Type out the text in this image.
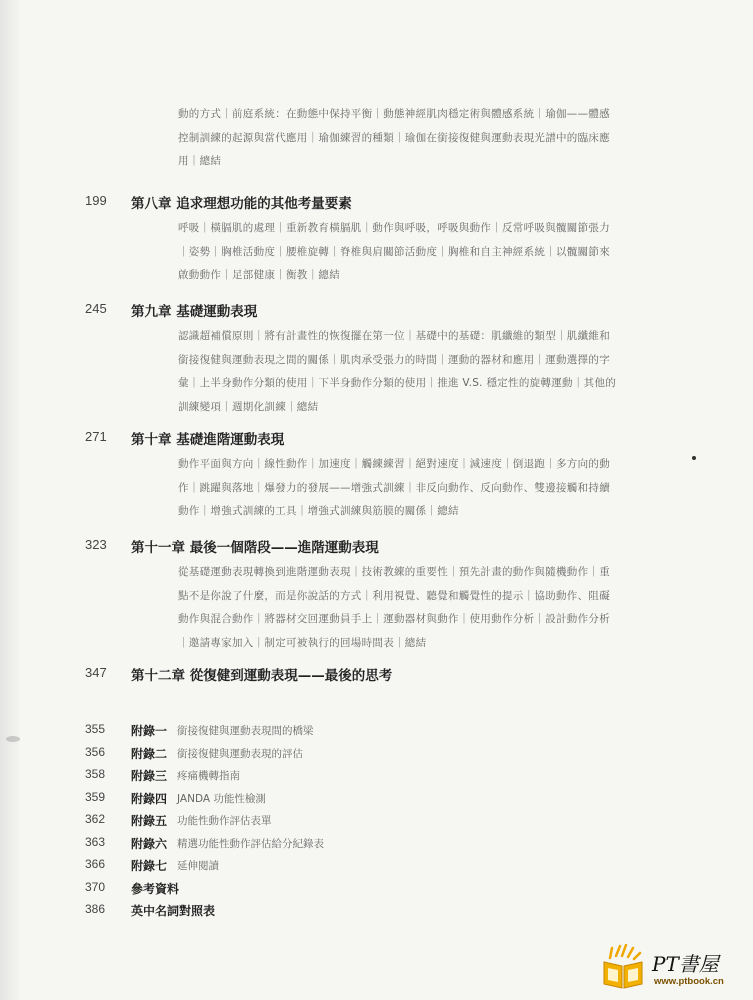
動的方式｜前庭系統：在動態中保持平衡｜動態神經肌肉穩定術與體感系統｜瑜伽——體感控制訓練的起源與當代應用｜瑜伽練習的種類｜瑜伽在銜接復健與運動表現光譜中的臨床應用｜總結
199 第八章 追求理想功能的其他考量要素
呼吸｜橫膈肌的處理｜重新教育橫膈肌｜動作與呼吸，呼吸與動作｜反常呼吸與髖關節張力｜姿勢｜胸椎活動度｜腰椎旋轉｜脊椎與肩關節活動度｜胸椎和自主神經系統｜以髖關節來啟動動作｜足部健康｜衡教｜總結
245 第九章 基礎運動表現
認識超補償原則｜將有計畫性的恢復擺在第一位｜基礎中的基礎：肌纖維的類型｜肌纖維和銜接復健與運動表現之間的關係｜肌肉承受張力的時間｜運動的器材和應用｜運動選擇的字彙｜上半身動作分類的使用｜下半身動作分類的使用｜推進 V.S. 穩定性的旋轉運動｜其他的訓練變項｜週期化訓練｜總結
271 第十章 基礎進階運動表現
動作平面與方向｜線性動作｜加速度｜觸練練習｜絕對速度｜減速度｜倒退跑｜多方向的動作｜跳躍與落地｜爆發力的發展——增強式訓練｜非反向動作、反向動作、雙邊接觸和持續動作｜增強式訓練的工具｜增強式訓練與筋膜的關係｜總結
323 第十一章 最後一個階段——進階運動表現
從基礎運動表現轉換到進階運動表現｜技術教練的重要性｜預先計畫的動作與隨機動作｜重點不是你說了什麼，而是你說話的方式｜利用視覺、聽覺和觸覺性的提示｜協助動作、阻礙動作與混合動作｜將器材交回運動員手上｜運動器材與動作｜使用動作分析｜設計動作分析｜邀請專家加入｜制定可被執行的回場時間表｜總結
347 第十二章 從復健到運動表現——最後的思考
355 附錄一 銜接復健與運動表現間的橋梁
356 附錄二 銜接復健與運動表現的評估
358 附錄三 疼痛機轉指南
359 附錄四 JANDA 功能性檢測
362 附錄五 功能性動作評估表單
363 附錄六 精選功能性動作評估給分紀錄表
366 附錄七 延伸閱讀
370 參考資料
386 英中名詞對照表
PT書屋
www.ptbook.cn
